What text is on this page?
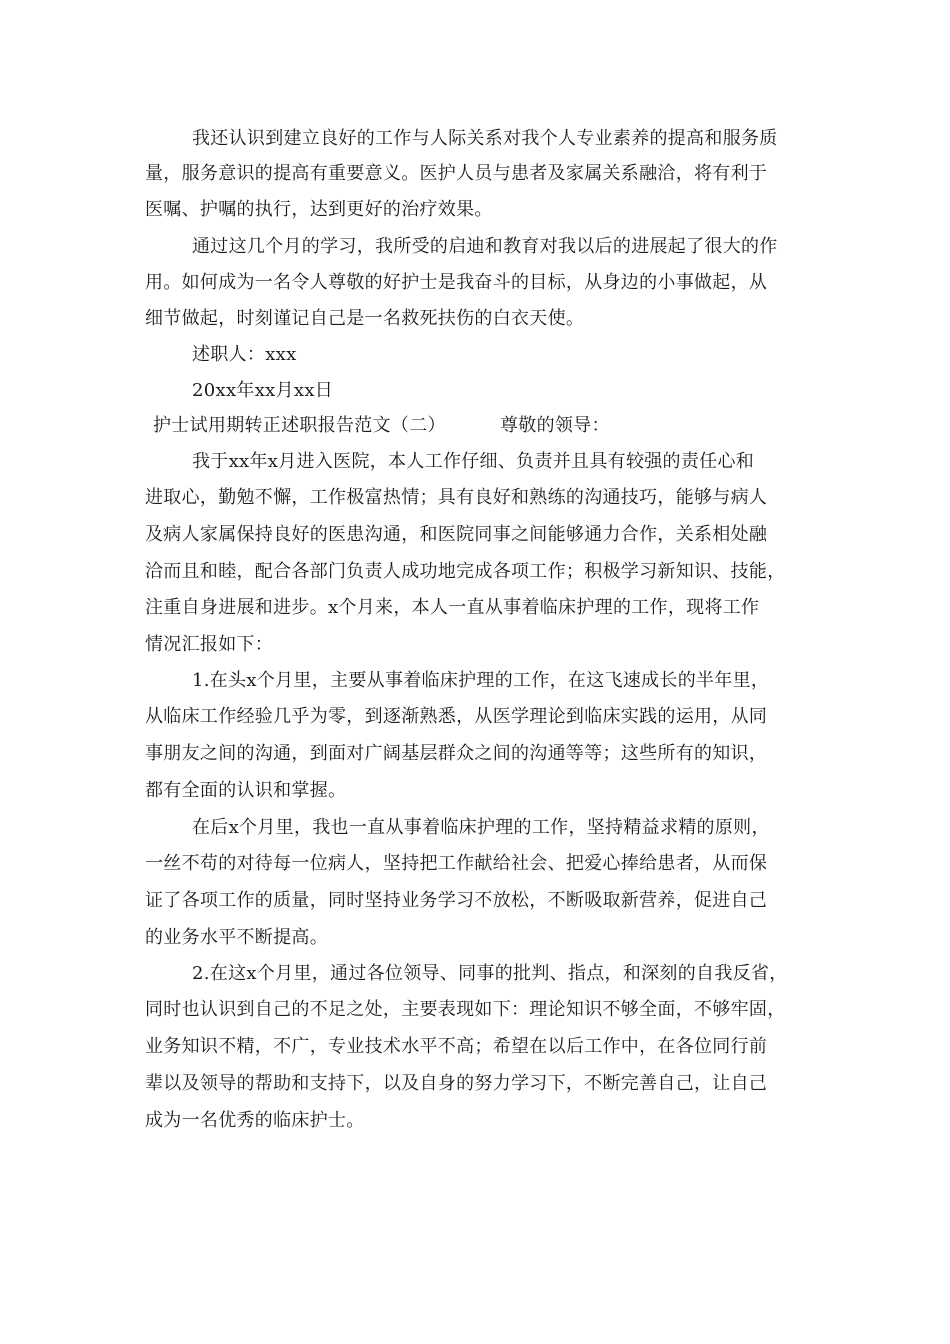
我还认识到建立良好的工作与人际关系对我个人专业素养的提高和服务质
量，服务意识的提高有重要意义。医护人员与患者及家属关系融洽，将有利于
医嘱、护嘱的执行，达到更好的治疗效果。
通过这几个月的学习，我所受的启迪和教育对我以后的进展起了很大的作
用。如何成为一名令人尊敬的好护士是我奋斗的目标，从身边的小事做起，从
细节做起，时刻谨记自己是一名救死扶伤的白衣天使。
述职人：xxx
20xx年xx月xx日
护士试用期转正述职报告范文（二）	尊敬的领导：
我于xx年x月进入医院，本人工作仔细、负责并且具有较强的责任心和
进取心，勤勉不懈，工作极富热情；具有良好和熟练的沟通技巧，能够与病人
及病人家属保持良好的医患沟通，和医院同事之间能够通力合作，关系相处融
洽而且和睦，配合各部门负责人成功地完成各项工作；积极学习新知识、技能，
注重自身进展和进步。x个月来，本人一直从事着临床护理的工作，现将工作
情况汇报如下：
1.在头x个月里，主要从事着临床护理的工作，在这飞速成长的半年里，
从临床工作经验几乎为零，到逐渐熟悉，从医学理论到临床实践的运用，从同
事朋友之间的沟通，到面对广阔基层群众之间的沟通等等；这些所有的知识，
都有全面的认识和掌握。
在后x个月里，我也一直从事着临床护理的工作，坚持精益求精的原则，
一丝不苟的对待每一位病人，坚持把工作献给社会、把爱心捧给患者，从而保
证了各项工作的质量，同时坚持业务学习不放松，不断吸取新营养，促进自己
的业务水平不断提高。
2.在这x个月里，通过各位领导、同事的批判、指点，和深刻的自我反省，
同时也认识到自己的不足之处，主要表现如下：理论知识不够全面，不够牢固，
业务知识不精，不广，专业技术水平不高；希望在以后工作中，在各位同行前
辈以及领导的帮助和支持下，以及自身的努力学习下，不断完善自己，让自己
成为一名优秀的临床护士。
